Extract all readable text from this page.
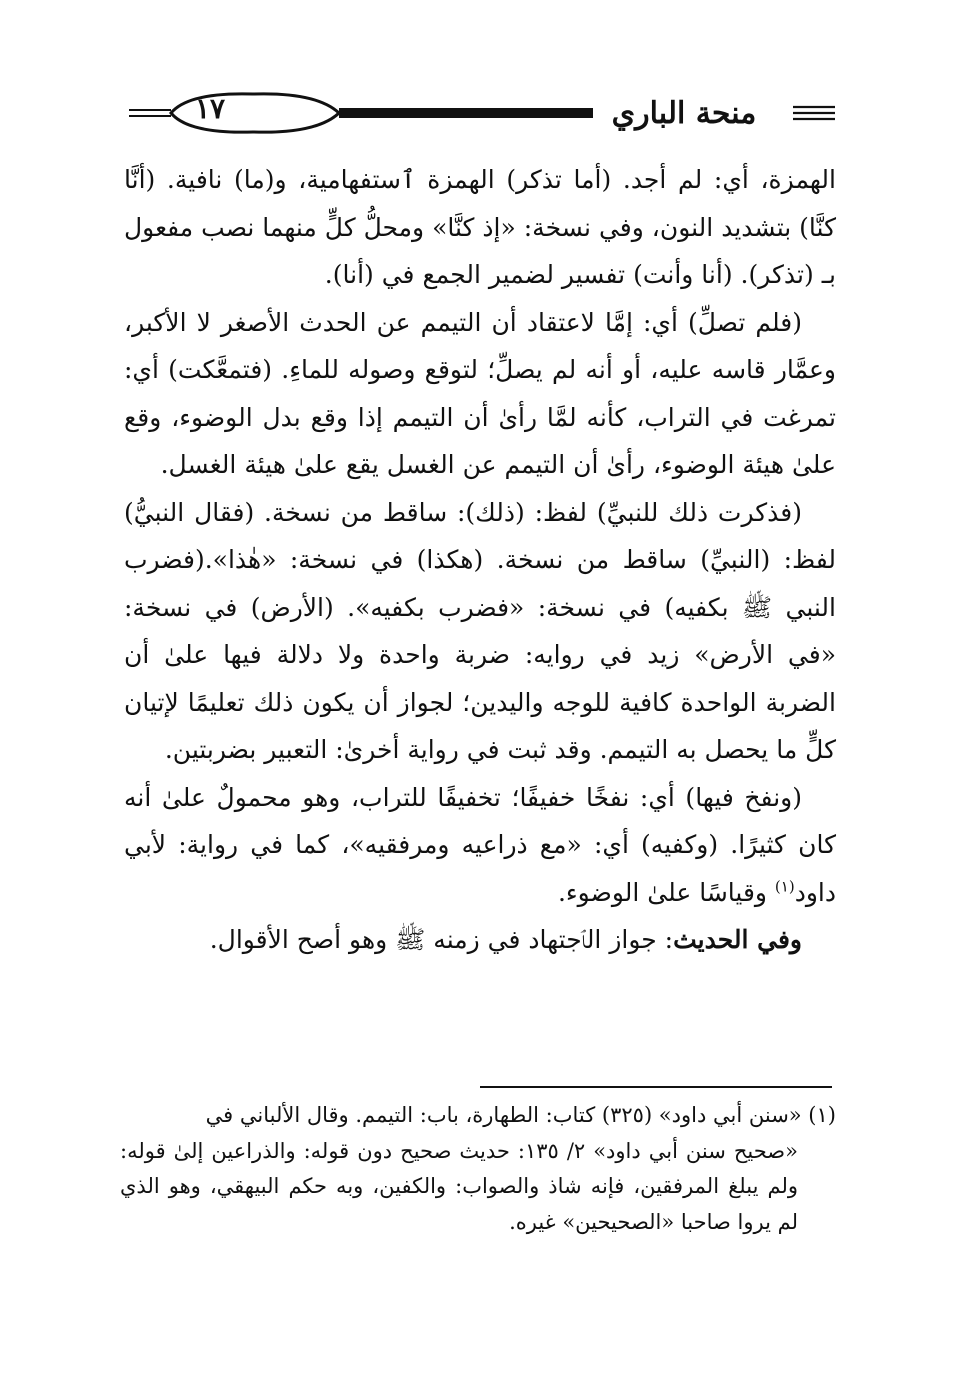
١٧	منحة الباري

الهمزة، أي: لم أجد. (أما تذكر) الهمزة ٱستفهامية، و(ما) نافية. (أنَّا كنَّا) بتشديد النون، وفي نسخة: «إذ كنَّا» ومحلُّ كلٍّ منهما نصب مفعول بـ (تذكر). (أنا وأنت) تفسير لضمير الجمع في (أنا).

(فلم تصلِّ) أي: إمَّا لاعتقاد أن التيمم عن الحدث الأصغر لا الأكبر، وعمَّار قاسه عليه، أو أنه لم يصلِّ؛ لتوقع وصوله للماءِ. (فتمعَّكت) أي: تمرغت في التراب، كأنه لمَّا رأىٰ أن التيمم إذا وقع بدل الوضوء، وقع علىٰ هيئة الوضوء، رأىٰ أن التيمم عن الغسل يقع علىٰ هيئة الغسل.

(فذكرت ذلك للنبيِّ) لفظ: (ذلك): ساقط من نسخة. (فقال النبيُّ) لفظ: (النبيِّ) ساقط من نسخة. (هكذا) في نسخة: «هٰذا».(فضرب النبي ﷺ بكفيه) في نسخة: «فضرب بكفيه». (الأرض) في نسخة: «في الأرض» زيد في روايه: ضربة واحدة ولا دلالة فيها علىٰ أن الضربة الواحدة كافية للوجه واليدين؛ لجواز أن يكون ذلك تعليمًا لإتيان كلٍّ ما يحصل به التيمم. وقد ثبت في رواية أخرىٰ: التعبير بضربتين.

(ونفخ فيها) أي: نفخًا خفيفًا؛ تخفيفًا للتراب، وهو محمولٌ علىٰ أنه كان كثيرًا. (وكفيه) أي: «مع ذراعيه ومرفقيه»، كما في رواية: لأبي داود$^{(١)}$ وقياسًا علىٰ الوضوء.

وفي الحديث: جواز الٱجتهاد في زمنه ﷺ وهو أصح الأقوال.

(١) «سنن أبي داود» (٣٢٥) كتاب: الطهارة، باب: التيمم. وقال الألباني في

«صحيح سنن أبي داود» ٢/ ١٣٥: حديث صحيح دون قوله: والذراعين إلىٰ قوله: ولم يبلغ المرفقين، فإنه شاذ والصواب: والكفين، وبه حكم البيهقي، وهو الذي لم يروا صاحبا «الصحيحين» غيره.
